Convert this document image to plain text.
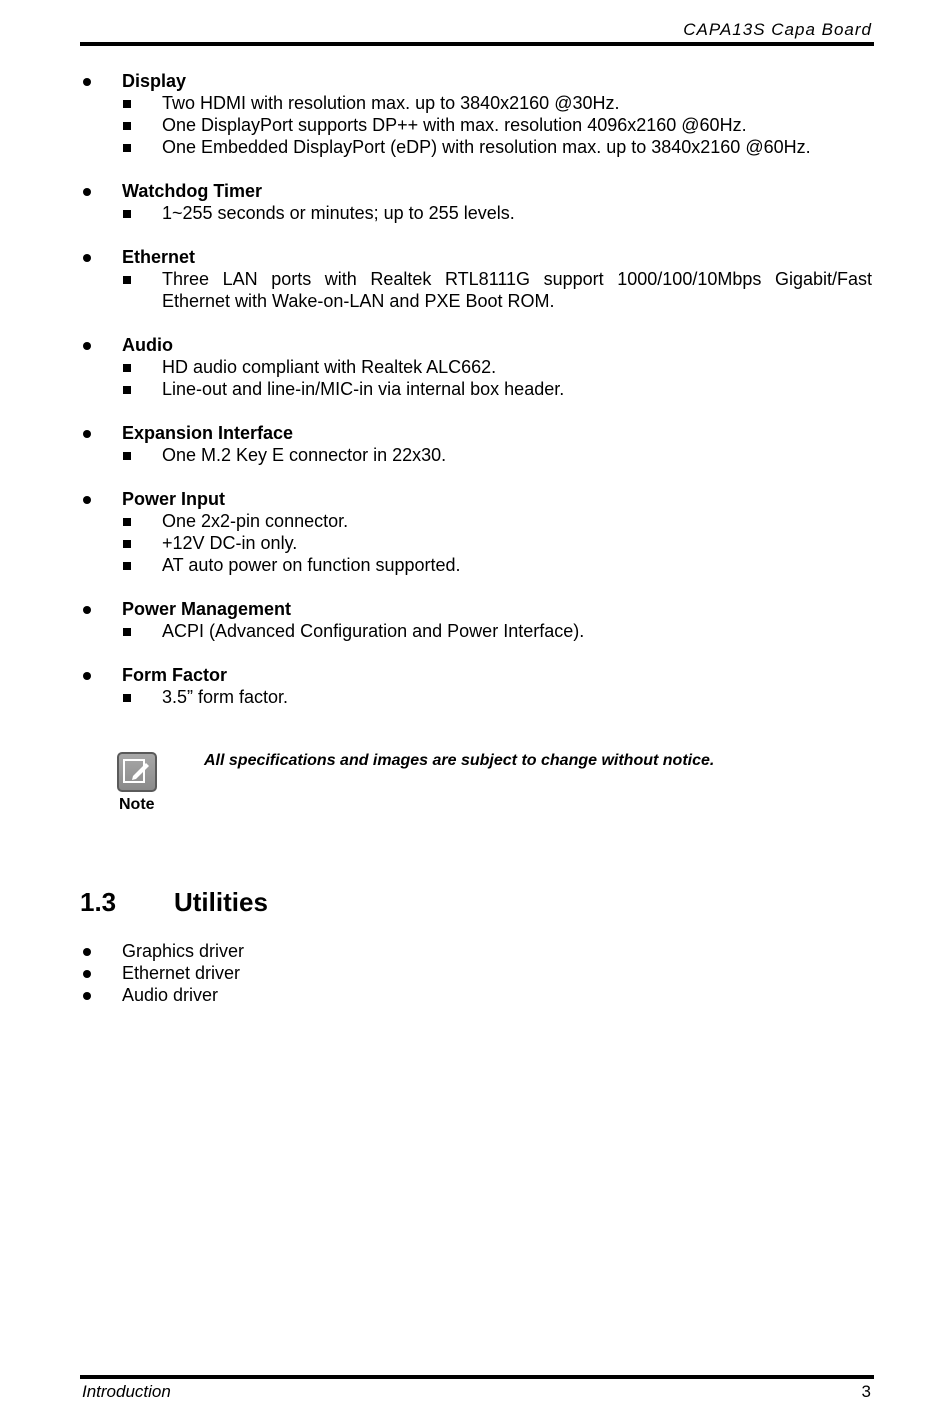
CAPA13S Capa Board
Display
Two HDMI with resolution max. up to 3840x2160 @30Hz.
One DisplayPort supports DP++ with max. resolution 4096x2160 @60Hz.
One Embedded DisplayPort (eDP) with resolution max. up to 3840x2160 @60Hz.
Watchdog Timer
1~255 seconds or minutes; up to 255 levels.
Ethernet
Three LAN ports with Realtek RTL8111G support 1000/100/10Mbps Gigabit/Fast Ethernet with Wake-on-LAN and PXE Boot ROM.
Audio
HD audio compliant with Realtek ALC662.
Line-out and line-in/MIC-in via internal box header.
Expansion Interface
One M.2 Key E connector in 22x30.
Power Input
One 2x2-pin connector.
+12V DC-in only.
AT auto power on function supported.
Power Management
ACPI (Advanced Configuration and Power Interface).
Form Factor
3.5” form factor.
Note
All specifications and images are subject to change without notice.
1.3 Utilities
Graphics driver
Ethernet driver
Audio driver
Introduction	3
